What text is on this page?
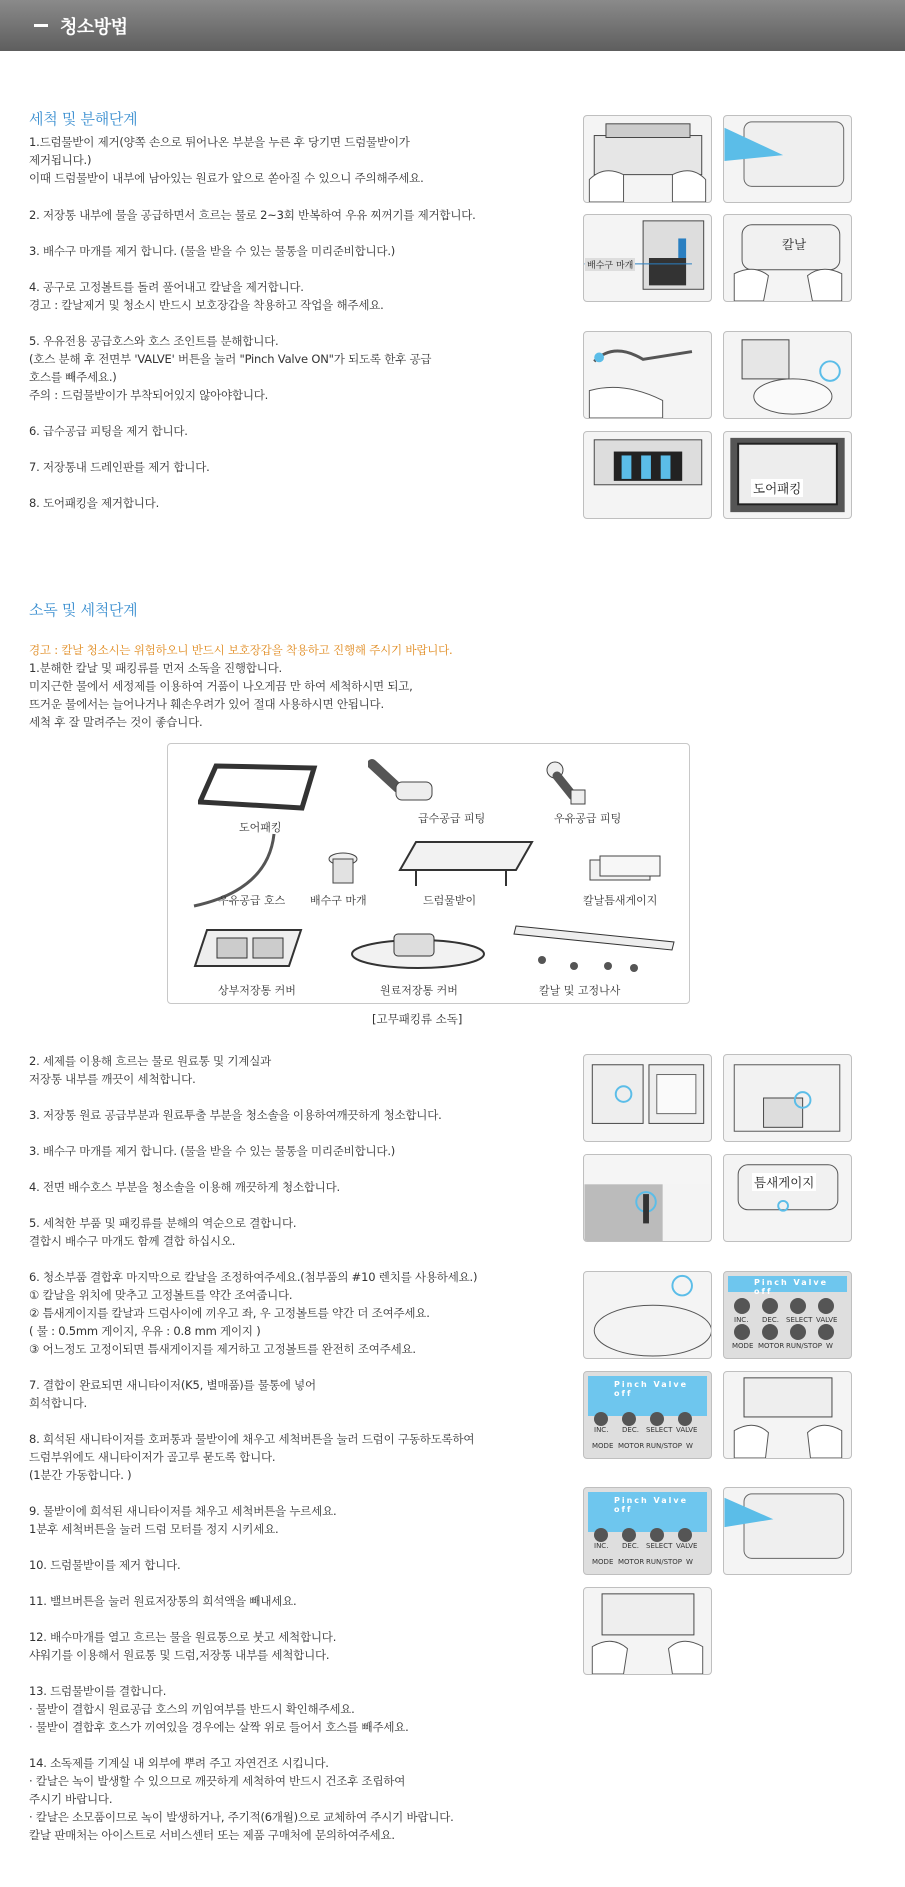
청소방법
세척 및 분해단계
1.드럼물받이 제거(양쪽 손으로 튀어나온 부분을 누른 후 당기면 드럼물받이가
제거됩니다.)
이때 드럼물받이 내부에 남아있는 원료가 앞으로 쏟아질 수 있으니 주의해주세요.
2. 저장통 내부에 물을 공급하면서 흐르는 물로 2~3회 반복하여 우유 찌꺼기를 제거합니다.
3. 배수구 마개를 제거 합니다. (물을 받을 수 있는 물통을 미리준비합니다.)
4. 공구로 고정볼트를 돌려 풀어내고 칼날을 제거합니다.
경고 : 칼날제거 및 청소시 반드시 보호장갑을 착용하고 작업을 해주세요.
5. 우유전용 공급호스와 호스 조인트를 분해합니다.
(호스 분해 후 전면부 'VALVE' 버튼을 눌러 "Pinch Valve ON"가 되도록 한후 공급
호스를 빼주세요.)
주의 : 드럼물받이가 부착되어있지 않아야합니다.
6. 급수공급 피팅을 제거 합니다.
7. 저장통내 드레인판를 제거 합니다.
8. 도어패킹을 제거합니다.
배수구 마개
칼날
도어패킹
소독 및 세척단계
경고 : 칼날 청소시는 위험하오니 반드시 보호장갑을 착용하고 진행해 주시기 바랍니다.
1.분해한 칼날 및 패킹류를 먼저 소독을 진행합니다.
미지근한 물에서 세정제를 이용하여 거품이 나오게끔 만 하여 세척하시면 되고,
뜨거운 물에서는 늘어나거나 훼손우려가 있어 절대 사용하시면 안됩니다.
세척 후 잘 말려주는 것이 좋습니다.
도어패킹
급수공급 피팅	우유공급 피팅
우유공급 호스 배수구 마개	드럼물받이	칼날틈새게이지
상부저장통 커버	원료저장통 커버	칼날 및 고정나사
[고무패킹류 소독]
2. 세제를 이용해 흐르는 물로 원료통 및 기계실과
저장통 내부를 깨끗이 세척합니다.
3. 저장통 원료 공급부분과 원료투출 부분을 청소솔을 이용하여깨끗하게 청소합니다.
3. 배수구 마개를 제거 합니다. (물을 받을 수 있는 물통을 미리준비합니다.)
4. 전면 배수호스 부분을 청소솔을 이용해 깨끗하게 청소합니다.
5. 세척한 부품 및 패킹류를 분해의 역순으로 결합니다.
결합시 배수구 마개도 함께 결합 하십시오.
6. 청소부품 결합후 마지막으로 칼날을 조정하여주세요.(첨부품의 #10 렌치를 사용하세요.)
① 칼날을 위치에 맞추고 고정볼트를 약간 조여줍니다.
② 틈새게이지를 칼날과 드럼사이에 끼우고 좌, 우 고정볼트를 약간 더 조여주세요.
( 물 : 0.5mm 게이지, 우유 : 0.8 mm 게이지 )
③ 어느정도 고정이되면 틈새게이지를 제거하고 고정볼트를 완전히 조여주세요.
7. 결합이 완료되면 새니타이저(K5, 별매품)를 물통에 넣어
희석합니다.
8. 희석된 새니타이저를 호퍼통과 물받이에 채우고 세척버튼을 눌러 드럼이 구동하도록하여
드럼부위에도 새니타이저가 골고루 묻도록 합니다.
(1분간 가동합니다. )
9. 물받이에 희석된 새니타이저를 채우고 세척버튼을 누르세요.
1분후 세척버튼을 눌러 드럼 모터를 정지 시키세요.
10. 드럼물받이를 제거 합니다.
11. 밸브버튼을 눌러 원료저장통의 희석액을 빼내세요.
12. 배수마개를 열고 흐르는 물을 원료통으로 붓고 세척합니다.
샤워기를 이용해서 원료통 및 드럼,저장통 내부를 세척합니다.
13. 드럼물받이를 결합니다.
· 물받이 결합시 원료공급 호스의 끼임여부를 반드시 확인해주세요.
· 물받이 결합후 호스가 끼여있을 경우에는 살짝 위로 들어서 호스를 빼주세요.
14. 소독제를 기계실 내 외부에 뿌려 주고 자연건조 시킵니다.
· 칼날은 녹이 발생할 수 있으므로 깨끗하게 세척하여 반드시 건조후 조립하여
주시기 바랍니다.
· 칼날은 소모품이므로 녹이 발생하거나, 주기적(6개월)으로 교체하여 주시기 바랍니다.
칼날 판매처는 아이스트로 서비스센터 또는 제품 구매처에 문의하여주세요.
틈새게이지
Pinch Valve off
INC. DEC. SELECT VALVE
MODE MOTOR RUN/STOP W
Pinch Valve off
INC. DEC. SELECT VALVE
MODE MOTOR RUN/STOP W
Pinch Valve off
INC. DEC. SELECT VALVE
MODE MOTOR RUN/STOP W
